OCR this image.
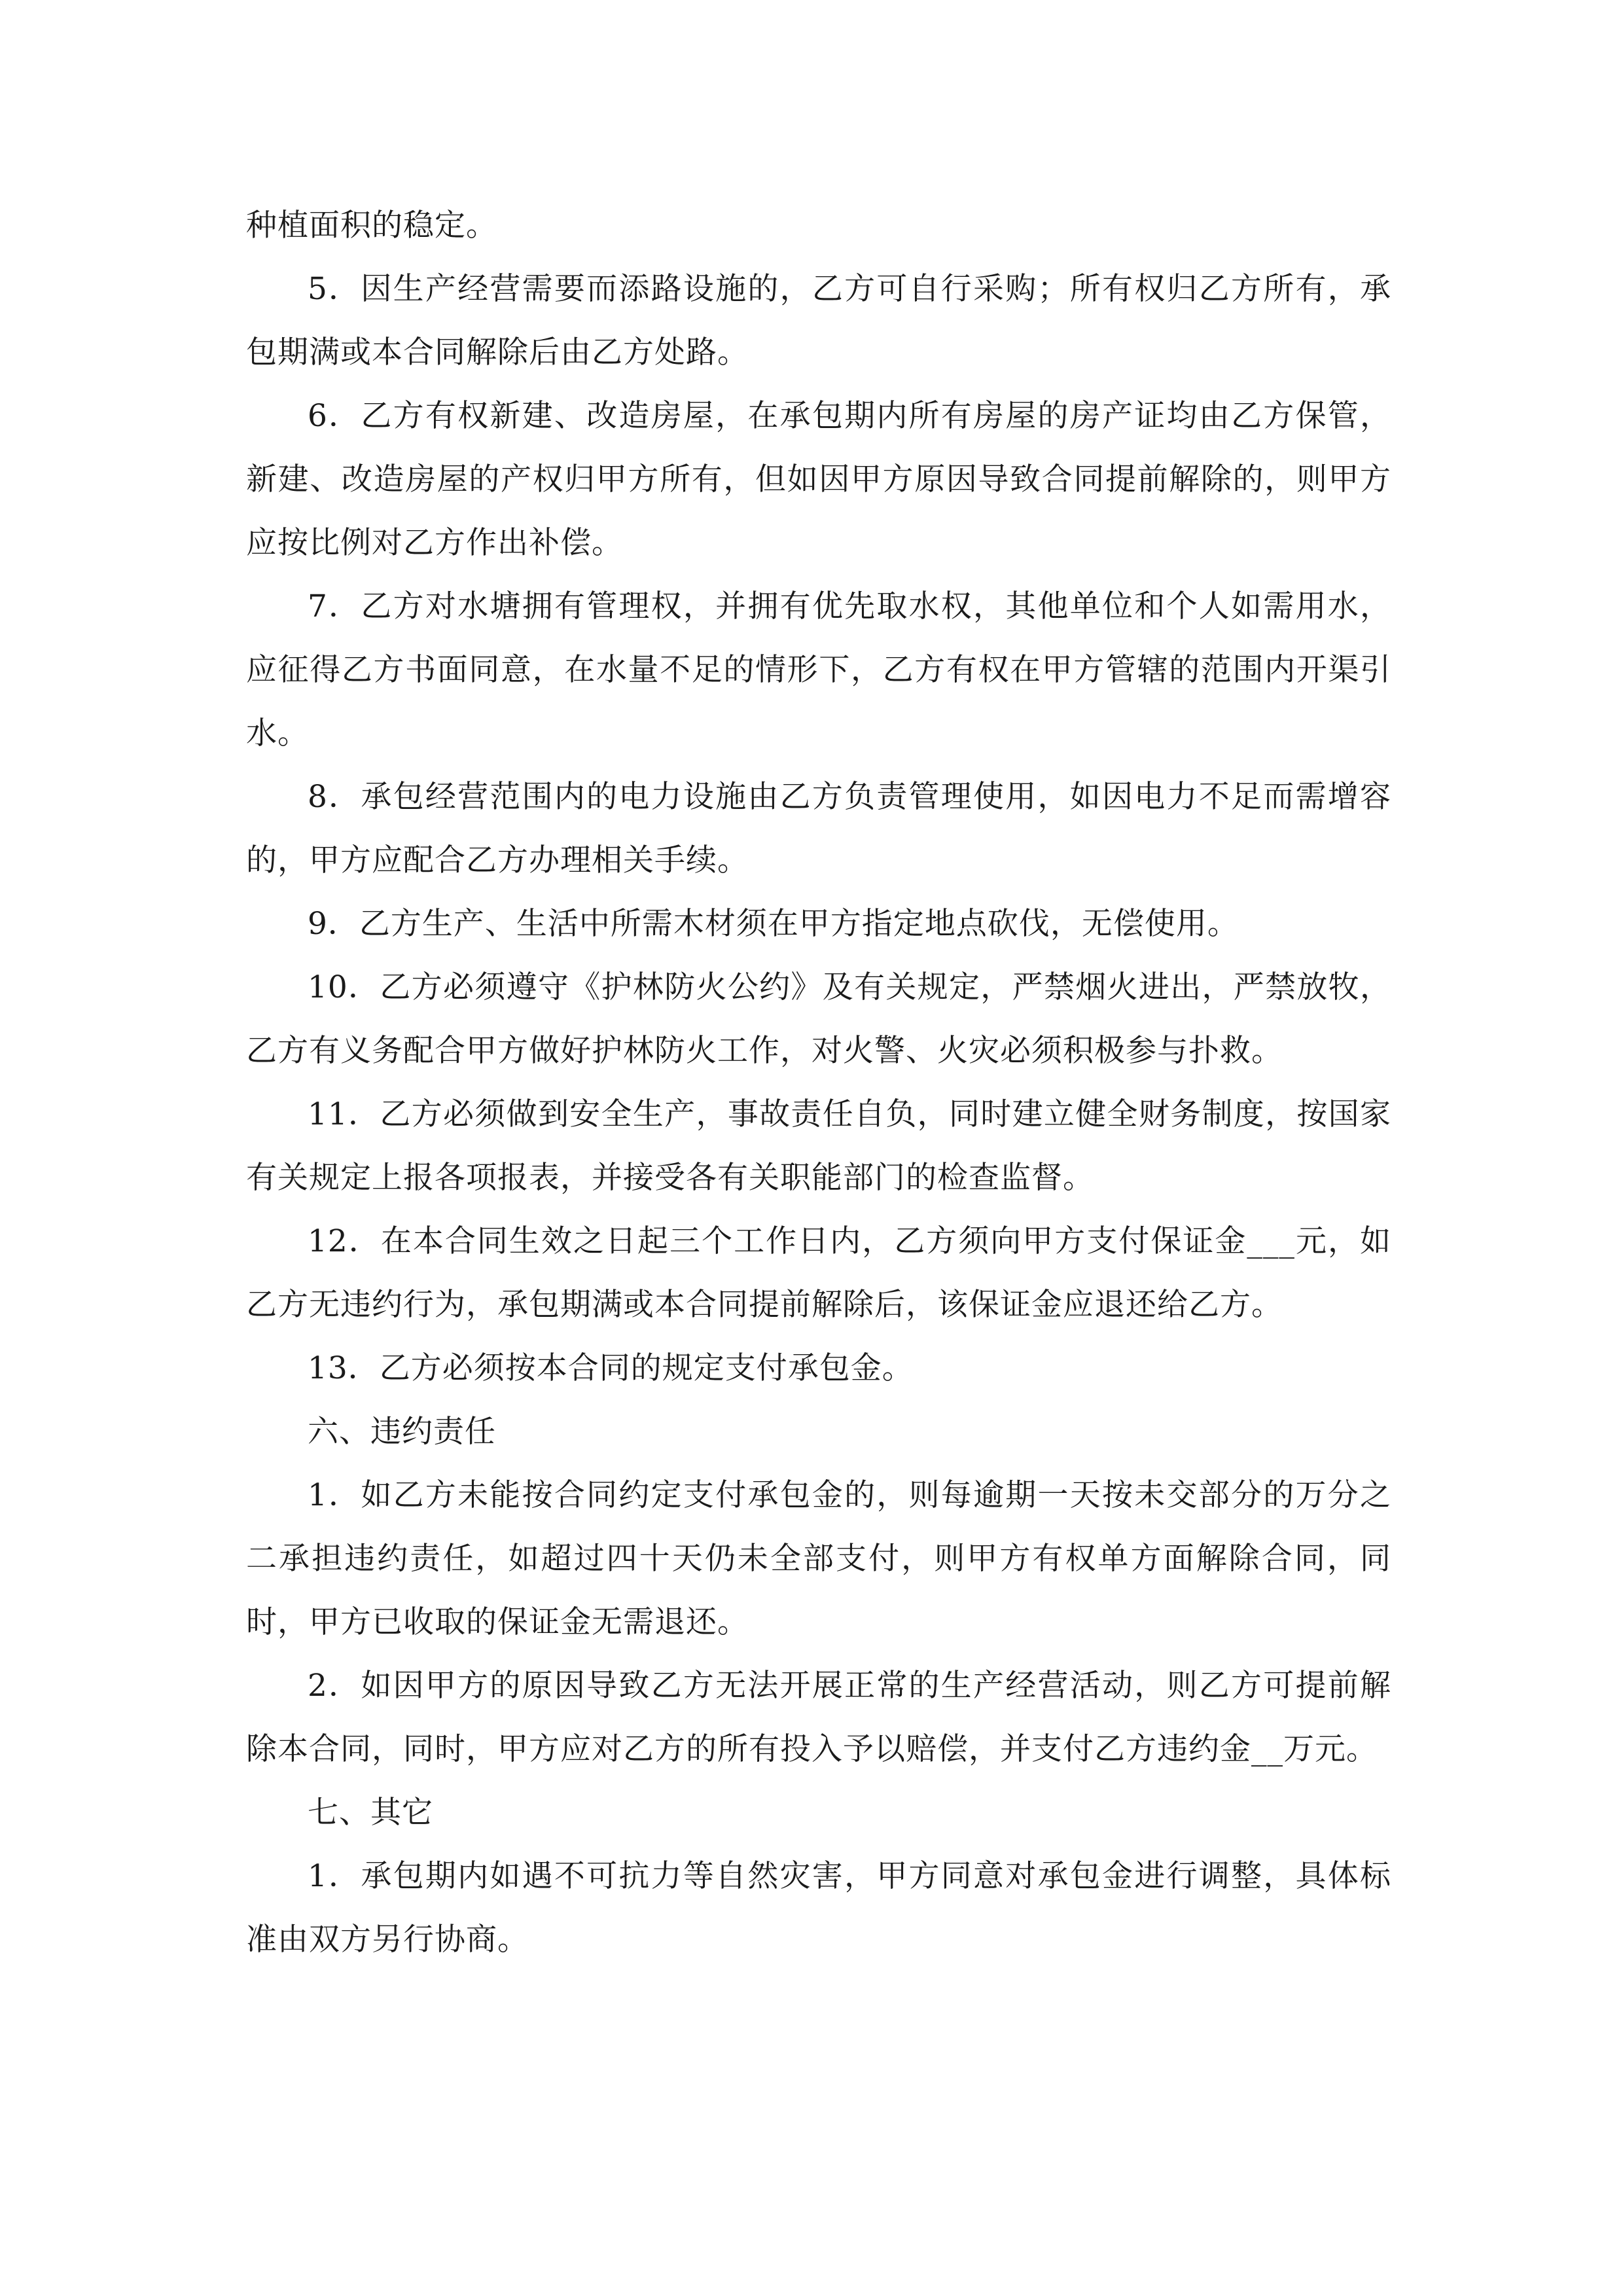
种植面积的稳定。

5．因生产经营需要而添路设施的，乙方可自行采购；所有权归乙方所有，承包期满或本合同解除后由乙方处路。

6．乙方有权新建、改造房屋，在承包期内所有房屋的房产证均由乙方保管，新建、改造房屋的产权归甲方所有，但如因甲方原因导致合同提前解除的，则甲方应按比例对乙方作出补偿。

7．乙方对水塘拥有管理权，并拥有优先取水权，其他单位和个人如需用水，应征得乙方书面同意，在水量不足的情形下，乙方有权在甲方管辖的范围内开渠引水。

8．承包经营范围内的电力设施由乙方负责管理使用，如因电力不足而需增容的，甲方应配合乙方办理相关手续。

9．乙方生产、生活中所需木材须在甲方指定地点砍伐，无偿使用。

10．乙方必须遵守《护林防火公约》及有关规定，严禁烟火进出，严禁放牧，乙方有义务配合甲方做好护林防火工作，对火警、火灾必须积极参与扑救。

11．乙方必须做到安全生产，事故责任自负，同时建立健全财务制度，按国家有关规定上报各项报表，并接受各有关职能部门的检查监督。

12．在本合同生效之日起三个工作日内，乙方须向甲方支付保证金___元，如乙方无违约行为，承包期满或本合同提前解除后，该保证金应退还给乙方。

13．乙方必须按本合同的规定支付承包金。

六、违约责任

1．如乙方未能按合同约定支付承包金的，则每逾期一天按未交部分的万分之二承担违约责任，如超过四十天仍未全部支付，则甲方有权单方面解除合同，同时，甲方已收取的保证金无需退还。

2．如因甲方的原因导致乙方无法开展正常的生产经营活动，则乙方可提前解除本合同，同时，甲方应对乙方的所有投入予以赔偿，并支付乙方违约金__万元。

七、其它

1．承包期内如遇不可抗力等自然灾害，甲方同意对承包金进行调整，具体标准由双方另行协商。
